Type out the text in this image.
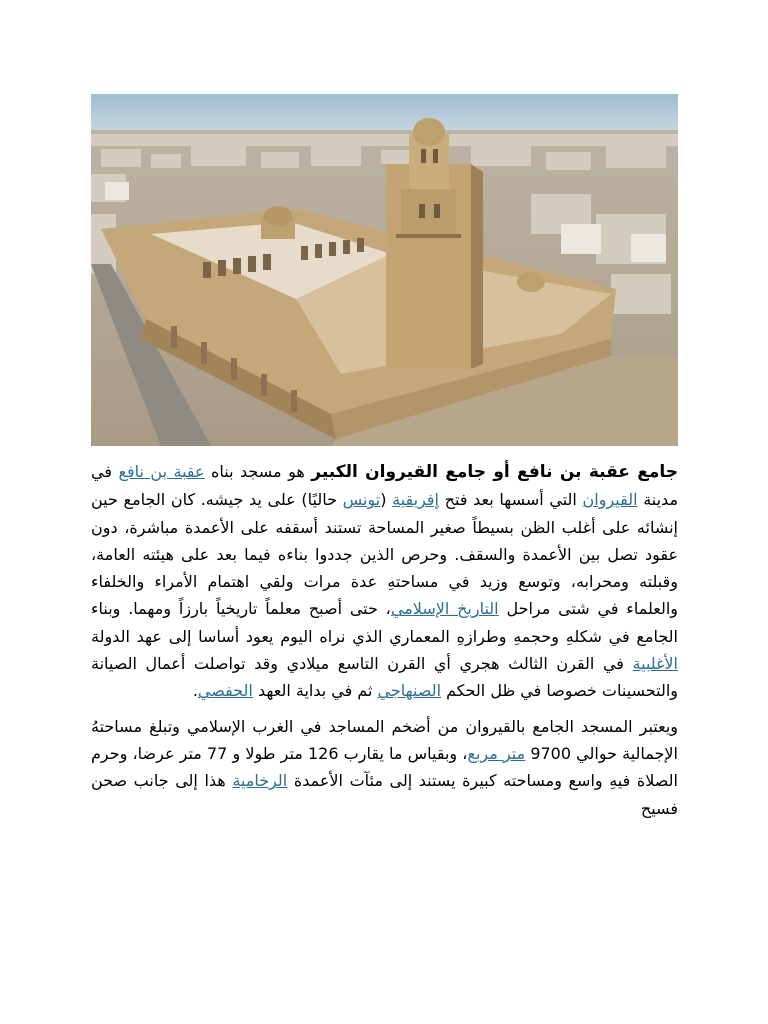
جامع عقبة بن نافع أو جامع القيروان الكبير هو مسجد بناه عقبة بن نافع في مدينة القيروان التي أسسها بعد فتح إفريقية (تونس حاليًا) على يد جيشه. كان الجامع حين إنشائه على أغلب الظن بسيطاً صغير المساحة تستند أسقفه على الأعمدة مباشرة، دون عقود تصل بين الأعمدة والسقف. وحرص الذين جددوا بناءه فيما بعد على هيئته العامة، وقبلته ومحرابه، وتوسع وزيد في مساحتهِ عدة مرات ولقي اهتمام الأمراء والخلفاء والعلماء في شتى مراحل التاريخ الإسلامي، حتى أصبح معلماً تاريخياً بارزاً ومهما. وبناء الجامع في شكلهِ وحجمهِ وطرازهِ المعماري الذي نراه اليوم يعود أساسا إلى عهد الدولة الأغلبية في القرن الثالث هجري أي القرن التاسع ميلادي وقد تواصلت أعمال الصيانة والتحسينات خصوصا في ظل الحكم الصنهاجي ثم في بداية العهد الحفصي.

ويعتبر المسجد الجامع بالقيروان من أضخم المساجد في الغرب الإسلامي وتبلغ مساحتهُ الإجمالية حوالي 9700 متر مربع، وبقياس ما يقارب 126 متر طولا و 77 متر عرضا، وحرم الصلاة فيهِ واسع ومساحته كبيرة يستند إلى مئآت الأعمدة الرخامية هذا إلى جانب صحن فسيح
